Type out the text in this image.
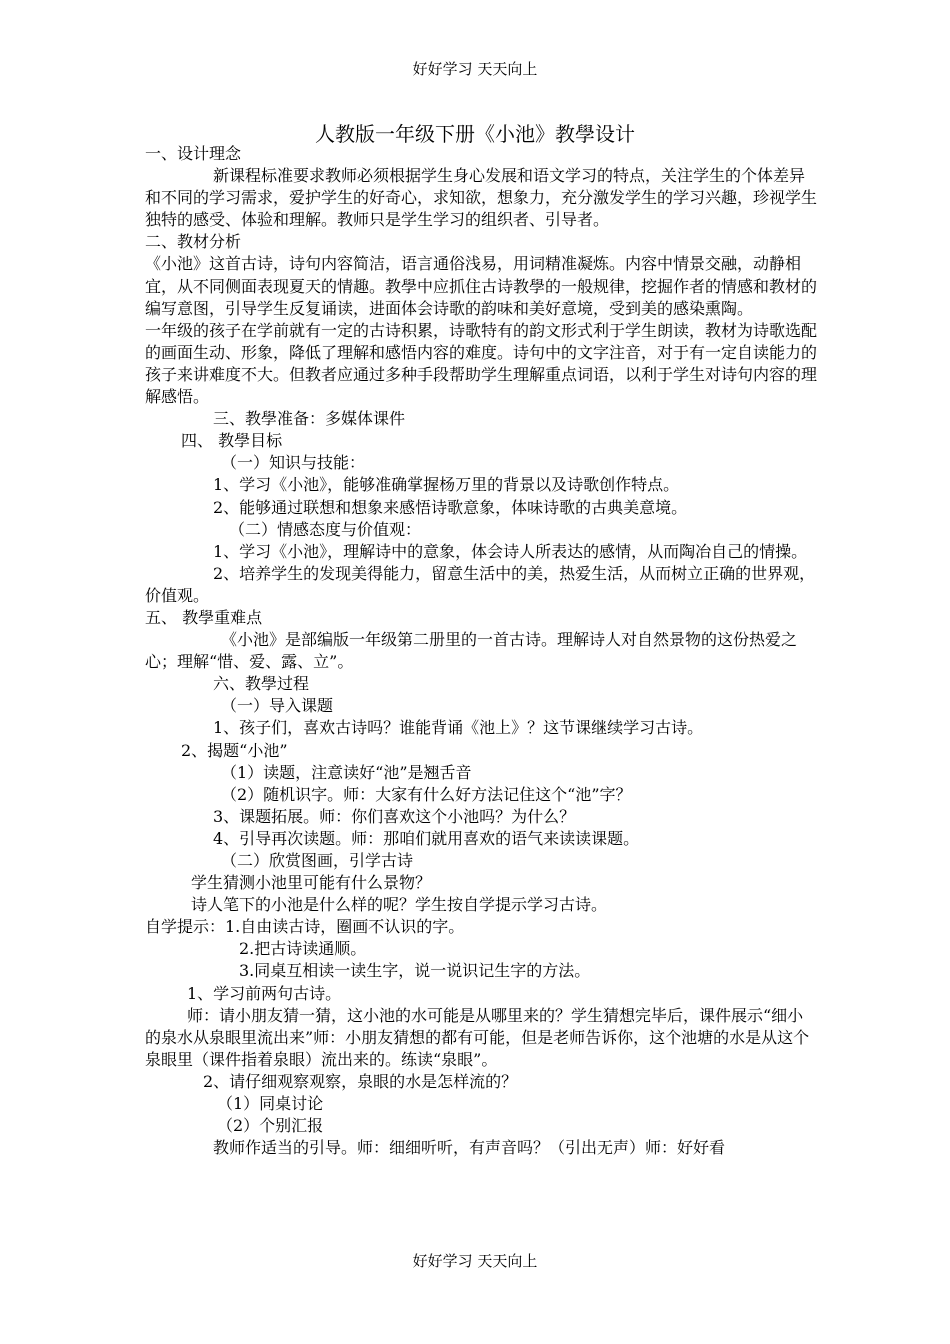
好好学习 天天向上
人教版一年级下册《小池》教學设计

一、设计理念

新课程标准要求教师必须根据学生身心发展和语文学习的特点，关注学生的个体差异和不同的学习需求，爱护学生的好奇心，求知欲，想象力，充分激发学生的学习兴趣，珍视学生独特的感受、体验和理解。教师只是学生学习的组织者、引导者。

二、教材分析

《小池》这首古诗，诗句内容简洁，语言通俗浅易，用词精准凝炼。内容中情景交融，动静相宜，从不同侧面表现夏天的情趣。教學中应抓住古诗教學的一般规律，挖掘作者的情感和教材的编写意图，引导学生反复诵读，进面体会诗歌的韵味和美好意境，受到美的感染熏陶。

一年级的孩子在学前就有一定的古诗积累，诗歌特有的韵文形式利于学生朗读，教材为诗歌选配的画面生动、形象，降低了理解和感悟内容的难度。诗句中的文字注音，对于有一定自读能力的孩子来讲难度不大。但教者应通过多种手段帮助学生理解重点词语，以利于学生对诗句内容的理解感悟。

三、教學准备：多媒体课件

四、 教學目标

（一）知识与技能：

1、学习《小池》，能够准确掌握杨万里的背景以及诗歌创作特点。

2、能够通过联想和想象来感悟诗歌意象，体味诗歌的古典美意境。

（二）情感态度与价值观：

1、学习《小池》，理解诗中的意象，体会诗人所表达的感情，从而陶冶自己的情操。

2、培养学生的发现美得能力，留意生活中的美，热爱生活，从而树立正确的世界观，价值观。

五、 教學重难点

《小池》是部编版一年级第二册里的一首古诗。理解诗人对自然景物的这份热爱之心；理解“惜、爱、露、立”。

六、教學过程

（一）导入课题

1、孩子们，喜欢古诗吗？谁能背诵《池上》？这节课继续学习古诗。

2、揭题“小池”

（1）读题，注意读好“池”是翘舌音

（2）随机识字。师：大家有什么好方法记住这个“池”字？

3、课题拓展。师：你们喜欢这个小池吗？为什么？

4、引导再次读题。师：那咱们就用喜欢的语气来读读课题。

（二）欣赏图画，引学古诗

学生猜测小池里可能有什么景物？

诗人笔下的小池是什么样的呢？学生按自学提示学习古诗。

自学提示：1.自由读古诗，圈画不认识的字。

2.把古诗读通顺。

3.同桌互相读一读生字，说一说识记生字的方法。

1、学习前两句古诗。

师：请小朋友猜一猜，这小池的水可能是从哪里来的？学生猜想完毕后，课件展示“细小的泉水从泉眼里流出来”师：小朋友猜想的都有可能，但是老师告诉你，这个池塘的水是从这个泉眼里（课件指着泉眼）流出来的。练读“泉眼”。

2、请仔细观察观察，泉眼的水是怎样流的？

（1）同桌讨论

（2）个别汇报

教师作适当的引导。师：细细听听，有声音吗？（引出无声）师：好好看

好好学习 天天向上
